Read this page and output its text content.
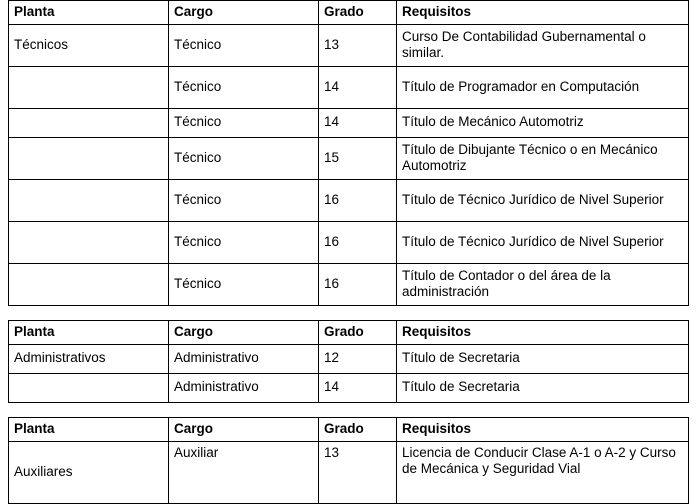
Planta	Cargo	Grado	Requisitos
Técnicos	Técnico	13	Curso De Contabilidad Gubernamental o similar.
	Técnico	14	Título de Programador en Computación
	Técnico	14	Título de Mecánico Automotriz
	Técnico	15	Título de Dibujante Técnico o en Mecánico Automotriz
	Técnico	16	Título de Técnico Jurídico de Nivel Superior
	Técnico	16	Título de Técnico Jurídico de Nivel Superior
	Técnico	16	Título de Contador o del área de la administración
Planta	Cargo	Grado	Requisitos
Administrativos	Administrativo	12	Título de Secretaria
	Administrativo	14	Título de Secretaria
Planta	Cargo	Grado	Requisitos
Auxiliares	Auxiliar	13	Licencia de Conducir Clase A-1 o A-2 y Curso de Mecánica y Seguridad Vial
